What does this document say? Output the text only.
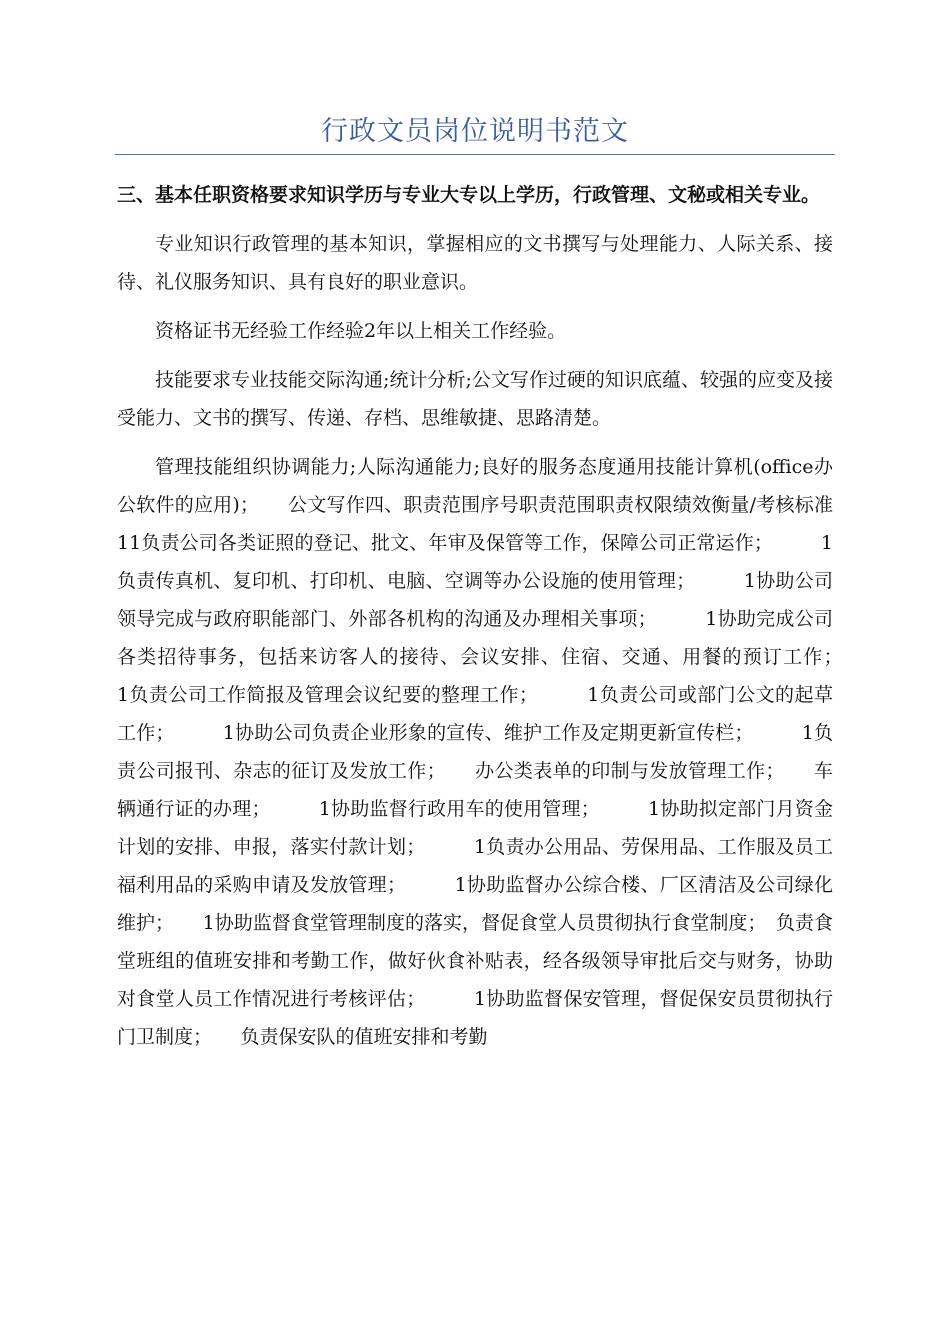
行政文员岗位说明书范文

三、基本任职资格要求知识学历与专业大专以上学历，行政管理、文秘或相关专业。

专业知识行政管理的基本知识，掌握相应的文书撰写与处理能力、人际关系、接待、礼仪服务知识、具有良好的职业意识。

资格证书无经验工作经验2年以上相关工作经验。

技能要求专业技能交际沟通;统计分析;公文写作过硬的知识底蕴、较强的应变及接受能力、文书的撰写、传递、存档、思维敏捷、思路清楚。

管理技能组织协调能力;人际沟通能力;良好的服务态度通用技能计算机(office办公软件的应用)；　　公文写作四、职责范围序号职责范围职责权限绩效衡量/考核标准11负责公司各类证照的登记、批文、年审及保管等工作，保障公司正常运作；　　　1负责传真机、复印机、打印机、电脑、空调等办公设施的使用管理；　　　1协助公司领导完成与政府职能部门、外部各机构的沟通及办理相关事项；　　　1协助完成公司各类招待事务，包括来访客人的接待、会议安排、住宿、交通、用餐的预订工作；　　　1负责公司工作简报及管理会议纪要的整理工作；　　　1负责公司或部门公文的起草工作；　　　1协助公司负责企业形象的宣传、维护工作及定期更新宣传栏；　　　1负责公司报刊、杂志的征订及发放工作；　　办公类表单的印制与发放管理工作；　　车辆通行证的办理；　　　1协助监督行政用车的使用管理；　　　1协助拟定部门月资金计划的安排、申报，落实付款计划；　　　1负责办公用品、劳保用品、工作服及员工福利用品的采购申请及发放管理；　　　1协助监督办公综合楼、厂区清洁及公司绿化维护；　　1协助监督食堂管理制度的落实，督促食堂人员贯彻执行食堂制度；　负责食堂班组的值班安排和考勤工作，做好伙食补贴表，经各级领导审批后交与财务，协助对食堂人员工作情况进行考核评估；　　　1协助监督保安管理，督促保安员贯彻执行门卫制度；　　负责保安队的值班安排和考勤
